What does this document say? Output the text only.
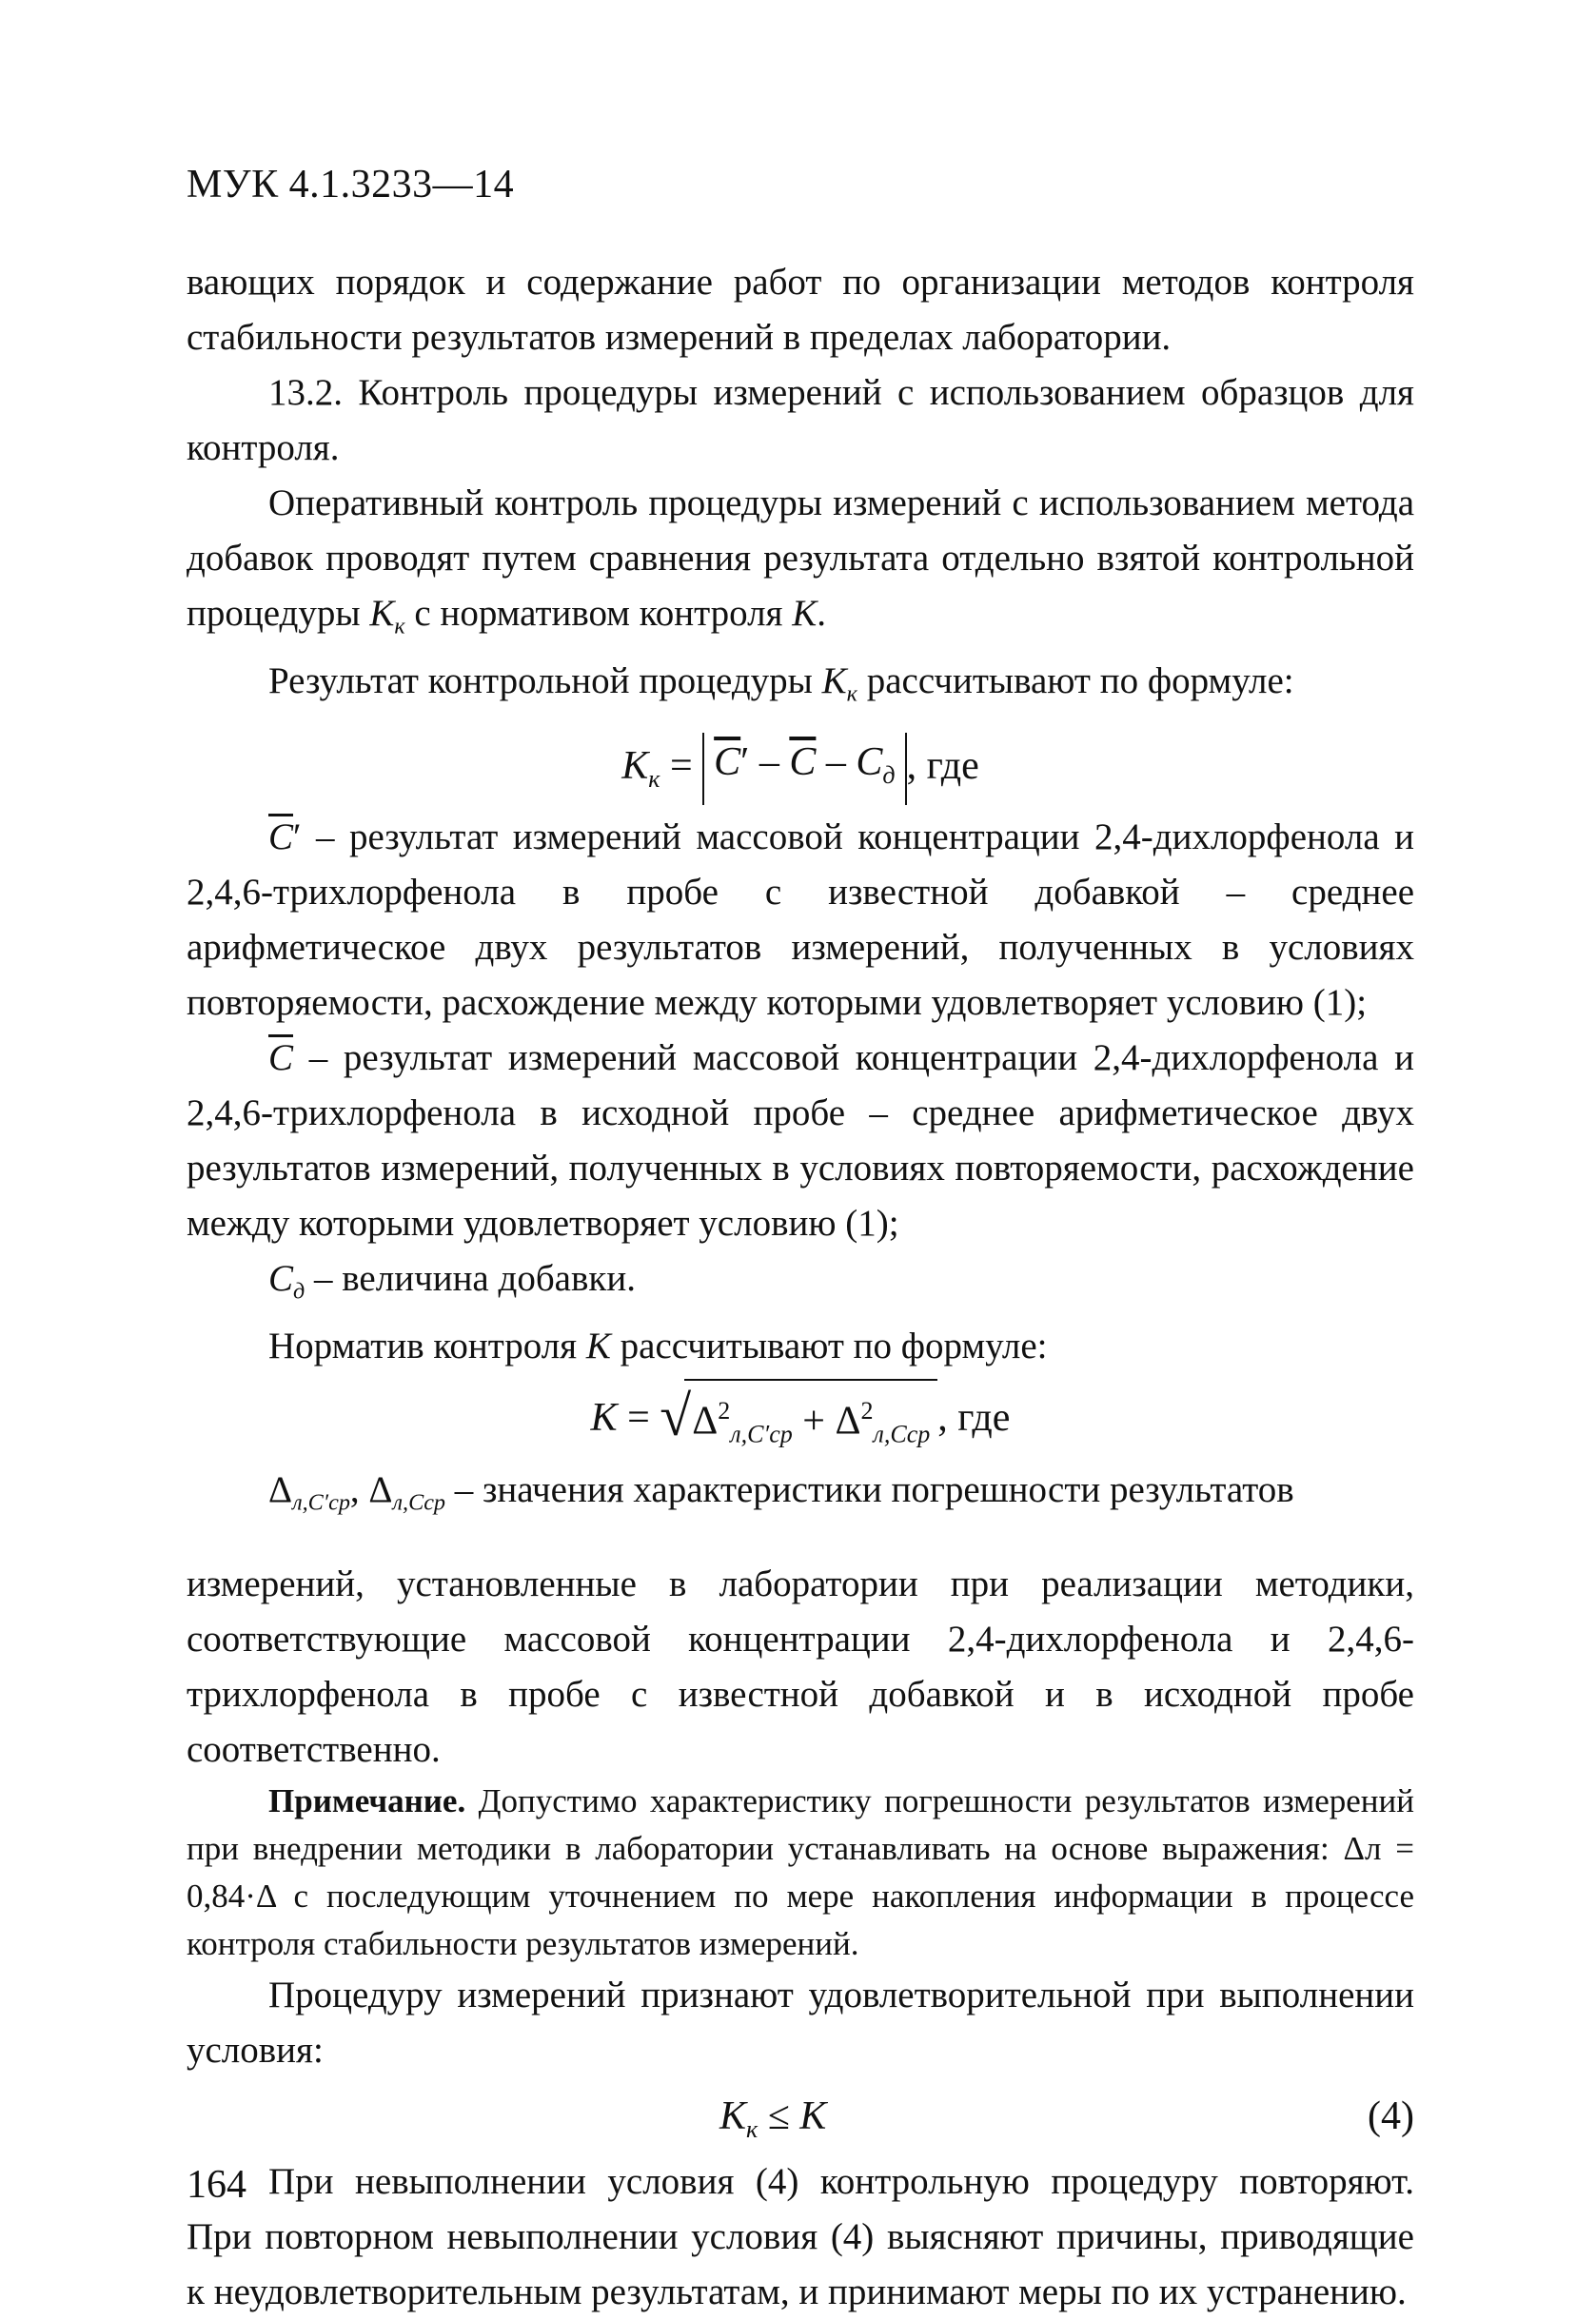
МУК 4.1.3233—14

вающих порядок и содержание работ по организации методов контроля стабильности результатов измерений в пределах лаборатории.

13.2. Контроль процедуры измерений с использованием образцов для контроля.

Оперативный контроль процедуры измерений с использованием метода добавок проводят путем сравнения результата отдельно взятой контрольной процедуры $K_к$ с нормативом контроля K.

Результат контрольной процедуры $K_к$ рассчитывают по формуле:

$K_к = \overline{C}' - \overline{C} - C_д$ , где

$\overline{C}'$ – результат измерений массовой концентрации 2,4-дихлорфенола и 2,4,6-трихлорфенола в пробе с известной добавкой – среднее арифметическое двух результатов измерений, полученных в условиях повторяемости, расхождение между которыми удовлетворяет условию (1);

$\overline{C}$ – результат измерений массовой концентрации 2,4-дихлорфенола и 2,4,6-трихлорфенола в исходной пробе – среднее арифметическое двух результатов измерений, полученных в условиях повторяемости, расхождение между которыми удовлетворяет условию (1);

$C_д$ – величина добавки.

Норматив контроля K рассчитывают по формуле:

K = √ $\Delta^2_{л,C'ср} + \Delta^2_{л,Cср}$ , где

$\Delta_{л,C'ср}$, $\Delta_{л,Cср}$ – значения характеристики погрешности результатов

измерений, установленные в лаборатории при реализации методики, соответствующие массовой концентрации 2,4-дихлорфенола и 2,4,6-трихлорфенола в пробе с известной добавкой и в исходной пробе соответственно.

Примечание. Допустимо характеристику погрешности результатов измерений при внедрении методики в лаборатории устанавливать на основе выражения: Δл = 0,84·Δ с последующим уточнением по мере накопления информации в процессе контроля стабильности результатов измерений.

Процедуру измерений признают удовлетворительной при выполнении условия:

$K_к \le K$	(4)

При невыполнении условия (4) контрольную процедуру повторяют. При повторном невыполнении условия (4) выясняют причины, приводящие к неудовлетворительным результатам, и принимают меры по их устранению.

164
